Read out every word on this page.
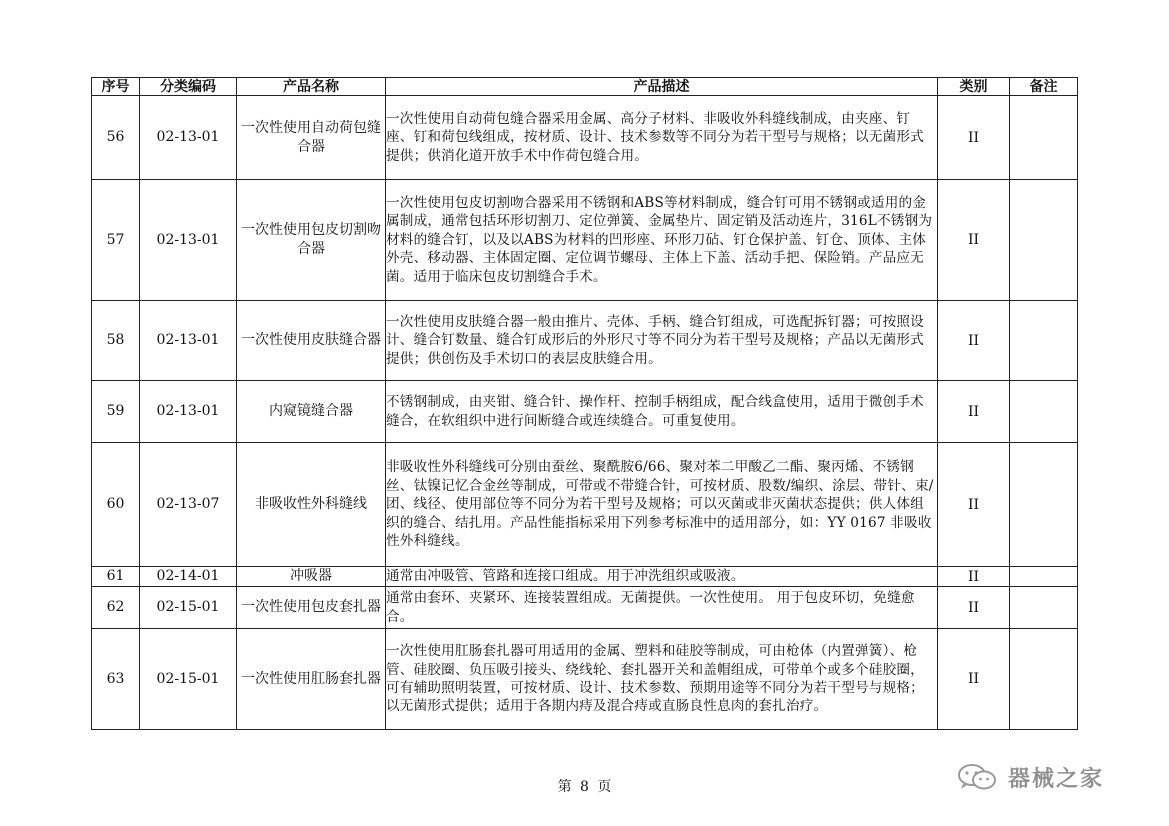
序号	分类编码	产品名称	产品描述	类别	备注
56	02-13-01	一次性使用自动荷包缝合器	一次性使用自动荷包缝合器采用金属、高分子材料、非吸收外科缝线制成，由夹座、钉座、钉和荷包线组成，按材质、设计、技术参数等不同分为若干型号与规格；以无菌形式提供；供消化道开放手术中作荷包缝合用。	II	
57	02-13-01	一次性使用包皮切割吻合器	一次性使用包皮切割吻合器采用不锈钢和ABS等材料制成，缝合钉可用不锈钢或适用的金属制成，通常包括环形切割刀、定位弹簧、金属垫片、固定销及活动连片，316L不锈钢为材料的缝合钉，以及以ABS为材料的凹形座、环形刀砧、钉仓保护盖、钉仓、顶体、主体外壳、移动器、主体固定圈、定位调节螺母、主体上下盖、活动手把、保险销。产品应无菌。适用于临床包皮切割缝合手术。	II	
58	02-13-01	一次性使用皮肤缝合器	一次性使用皮肤缝合器一般由推片、壳体、手柄、缝合钉组成，可选配拆钉器；可按照设计、缝合钉数量、缝合钉成形后的外形尺寸等不同分为若干型号及规格；产品以无菌形式提供；供创伤及手术切口的表层皮肤缝合用。	II	
59	02-13-01	内窥镜缝合器	不锈钢制成，由夹钳、缝合针、操作杆、控制手柄组成，配合线盒使用，适用于微创手术缝合，在软组织中进行间断缝合或连续缝合。可重复使用。	II	
60	02-13-07	非吸收性外科缝线	非吸收性外科缝线可分别由蚕丝、聚酰胺6/66、聚对苯二甲酸乙二酯、聚丙烯、不锈钢丝、钛镍记忆合金丝等制成，可带或不带缝合针，可按材质、股数/编织、涂层、带针、束/团、线径、使用部位等不同分为若干型号及规格；可以灭菌或非灭菌状态提供；供人体组织的缝合、结扎用。产品性能指标采用下列参考标准中的适用部分，如：YY 0167 非吸收性外科缝线。	II	
61	02-14-01	冲吸器	通常由冲吸管、管路和连接口组成。用于冲洗组织或吸液。	II	
62	02-15-01	一次性使用包皮套扎器	通常由套环、夹紧环、连接装置组成。无菌提供。一次性使用。 用于包皮环切，免缝愈合。	II	
63	02-15-01	一次性使用肛肠套扎器	一次性使用肛肠套扎器可用适用的金属、塑料和硅胶等制成，可由枪体（内置弹簧）、枪管、硅胶圈、负压吸引接头、绕线轮、套扎器开关和盖帽组成，可带单个或多个硅胶圈，可有辅助照明装置，可按材质、设计、技术参数、预期用途等不同分为若干型号与规格；以无菌形式提供；适用于各期内痔及混合痔或直肠良性息肉的套扎治疗。	II	
第 8 页	器械之家
